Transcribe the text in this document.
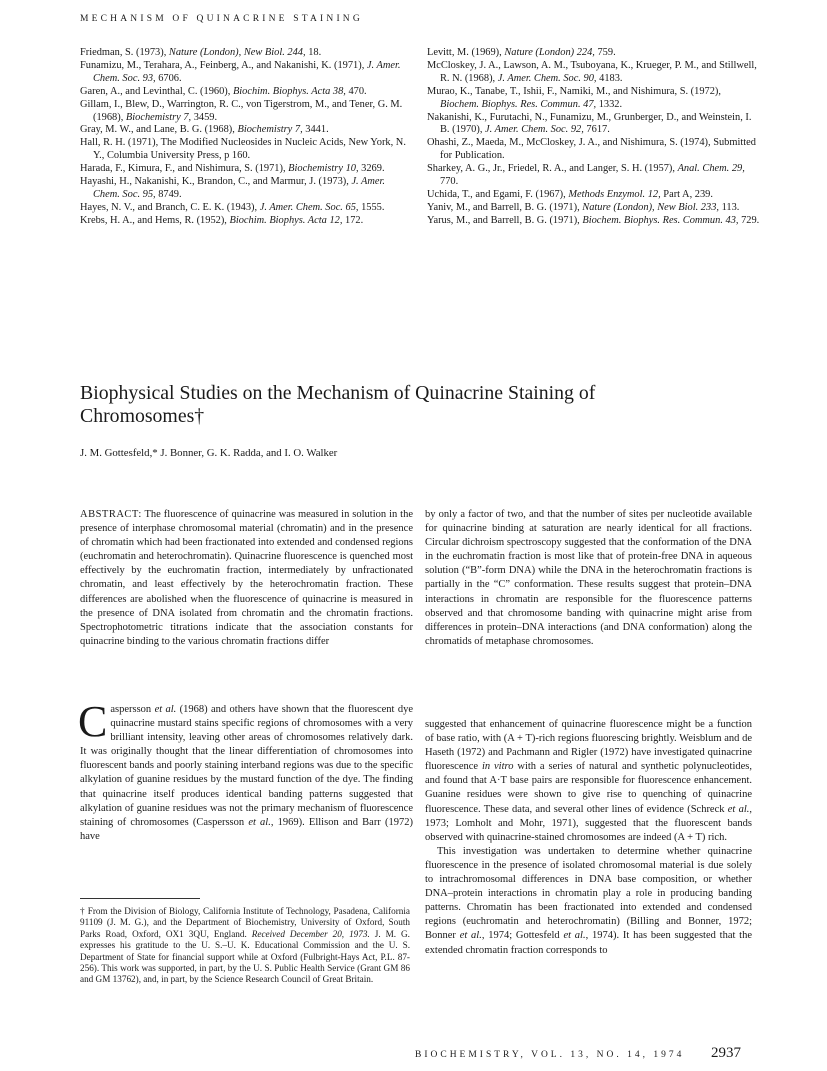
MECHANISM OF QUINACRINE STAINING

Friedman, S. (1973), Nature (London), New Biol. 244, 18.

Funamizu, M., Terahara, A., Feinberg, A., and Nakanishi, K. (1971), J. Amer. Chem. Soc. 93, 6706.

Garen, A., and Levinthal, C. (1960), Biochim. Biophys. Acta 38, 470.

Gillam, I., Blew, D., Warrington, R. C., von Tigerstrom, M., and Tener, G. M. (1968), Biochemistry 7, 3459.

Gray, M. W., and Lane, B. G. (1968), Biochemistry 7, 3441.

Hall, R. H. (1971), The Modified Nucleosides in Nucleic Acids, New York, N. Y., Columbia University Press, p 160.

Harada, F., Kimura, F., and Nishimura, S. (1971), Biochemistry 10, 3269.

Hayashi, H., Nakanishi, K., Brandon, C., and Marmur, J. (1973), J. Amer. Chem. Soc. 95, 8749.

Hayes, N. V., and Branch, C. E. K. (1943), J. Amer. Chem. Soc. 65, 1555.

Krebs, H. A., and Hems, R. (1952), Biochim. Biophys. Acta 12, 172.

Levitt, M. (1969), Nature (London) 224, 759.

McCloskey, J. A., Lawson, A. M., Tsuboyana, K., Krueger, P. M., and Stillwell, R. N. (1968), J. Amer. Chem. Soc. 90, 4183.

Murao, K., Tanabe, T., Ishii, F., Namiki, M., and Nishimura, S. (1972), Biochem. Biophys. Res. Commun. 47, 1332.

Nakanishi, K., Furutachi, N., Funamizu, M., Grunberger, D., and Weinstein, I. B. (1970), J. Amer. Chem. Soc. 92, 7617.

Ohashi, Z., Maeda, M., McCloskey, J. A., and Nishimura, S. (1974), Submitted for Publication.

Sharkey, A. G., Jr., Friedel, R. A., and Langer, S. H. (1957), Anal. Chem. 29, 770.

Uchida, T., and Egami, F. (1967), Methods Enzymol. 12, Part A, 239.

Yaniv, M., and Barrell, B. G. (1971), Nature (London), New Biol. 233, 113.

Yarus, M., and Barrell, B. G. (1971), Biochem. Biophys. Res. Commun. 43, 729.

Biophysical Studies on the Mechanism of Quinacrine Staining of Chromosomes†
J. M. Gottesfeld,* J. Bonner, G. K. Radda, and I. O. Walker
ABSTRACT: The fluorescence of quinacrine was measured in solution in the presence of interphase chromosomal material (chromatin) and in the presence of chromatin which had been fractionated into extended and condensed regions (euchromatin and heterochromatin). Quinacrine fluorescence is quenched most effectively by the euchromatin fraction, intermediately by unfractionated chromatin, and least effectively by the heterochromatin fraction. These differences are abolished when the fluorescence of quinacrine is measured in the presence of DNA isolated from chromatin and the chromatin fractions. Spectrophotometric titrations indicate that the association constants for quinacrine binding to the various chromatin fractions differ
by only a factor of two, and that the number of sites per nucleotide available for quinacrine binding at saturation are nearly identical for all fractions. Circular dichroism spectroscopy suggested that the conformation of the DNA in the euchromatin fraction is most like that of protein-free DNA in aqueous solution (“B”-form DNA) while the DNA in the heterochromatin fractions is partially in the “C” conformation. These results suggest that protein–DNA interactions in chromatin are responsible for the fluorescence patterns observed and that chromosome banding with quinacrine might arise from differences in protein–DNA interactions (and DNA conformation) along the chromatids of metaphase chromosomes.

Caspersson et al. (1968) and others have shown that the fluorescent dye quinacrine mustard stains specific regions of chromosomes with a very brilliant intensity, leaving other areas of chromosomes relatively dark. It was originally thought that the linear differentiation of chromosomes into fluorescent bands and poorly staining interband regions was due to the specific alkylation of guanine residues by the mustard function of the dye. The finding that quinacrine itself produces identical banding patterns suggested that alkylation of guanine residues was not the primary mechanism of fluorescence staining of chromosomes (Caspersson et al., 1969). Ellison and Barr (1972) have

† From the Division of Biology, California Institute of Technology, Pasadena, California 91109 (J. M. G.), and the Department of Biochemistry, University of Oxford, South Parks Road, Oxford, OX1 3QU, England. Received December 20, 1973. J. M. G. expresses his gratitude to the U. S.–U. K. Educational Commission and the U. S. Department of State for financial support while at Oxford (Fulbright-Hays Act, P.L. 87-256). This work was supported, in part, by the U. S. Public Health Service (Grant GM 86 and GM 13762), and, in part, by the Science Research Council of Great Britain.

suggested that enhancement of quinacrine fluorescence might be a function of base ratio, with (A + T)-rich regions fluorescing brightly. Weisblum and de Haseth (1972) and Pachmann and Rigler (1972) have investigated quinacrine fluorescence in vitro with a series of natural and synthetic polynucleotides, and found that A·T base pairs are responsible for fluorescence enhancement. Guanine residues were shown to give rise to quenching of quinacrine fluorescence. These data, and several other lines of evidence (Schreck et al., 1973; Lomholt and Mohr, 1971), suggested that the fluorescent bands observed with quinacrine-stained chromosomes are indeed (A + T) rich.

This investigation was undertaken to determine whether quinacrine fluorescence in the presence of isolated chromosomal material is due solely to intrachromosomal differences in DNA base composition, or whether DNA–protein interactions in chromatin play a role in producing banding patterns. Chromatin has been fractionated into extended and condensed regions (euchromatin and heterochromatin) (Billing and Bonner, 1972; Bonner et al., 1974; Gottesfeld et al., 1974). It has been suggested that the extended chromatin fraction corresponds to

BIOCHEMISTRY, VOL. 13, NO. 14, 1974 2937
